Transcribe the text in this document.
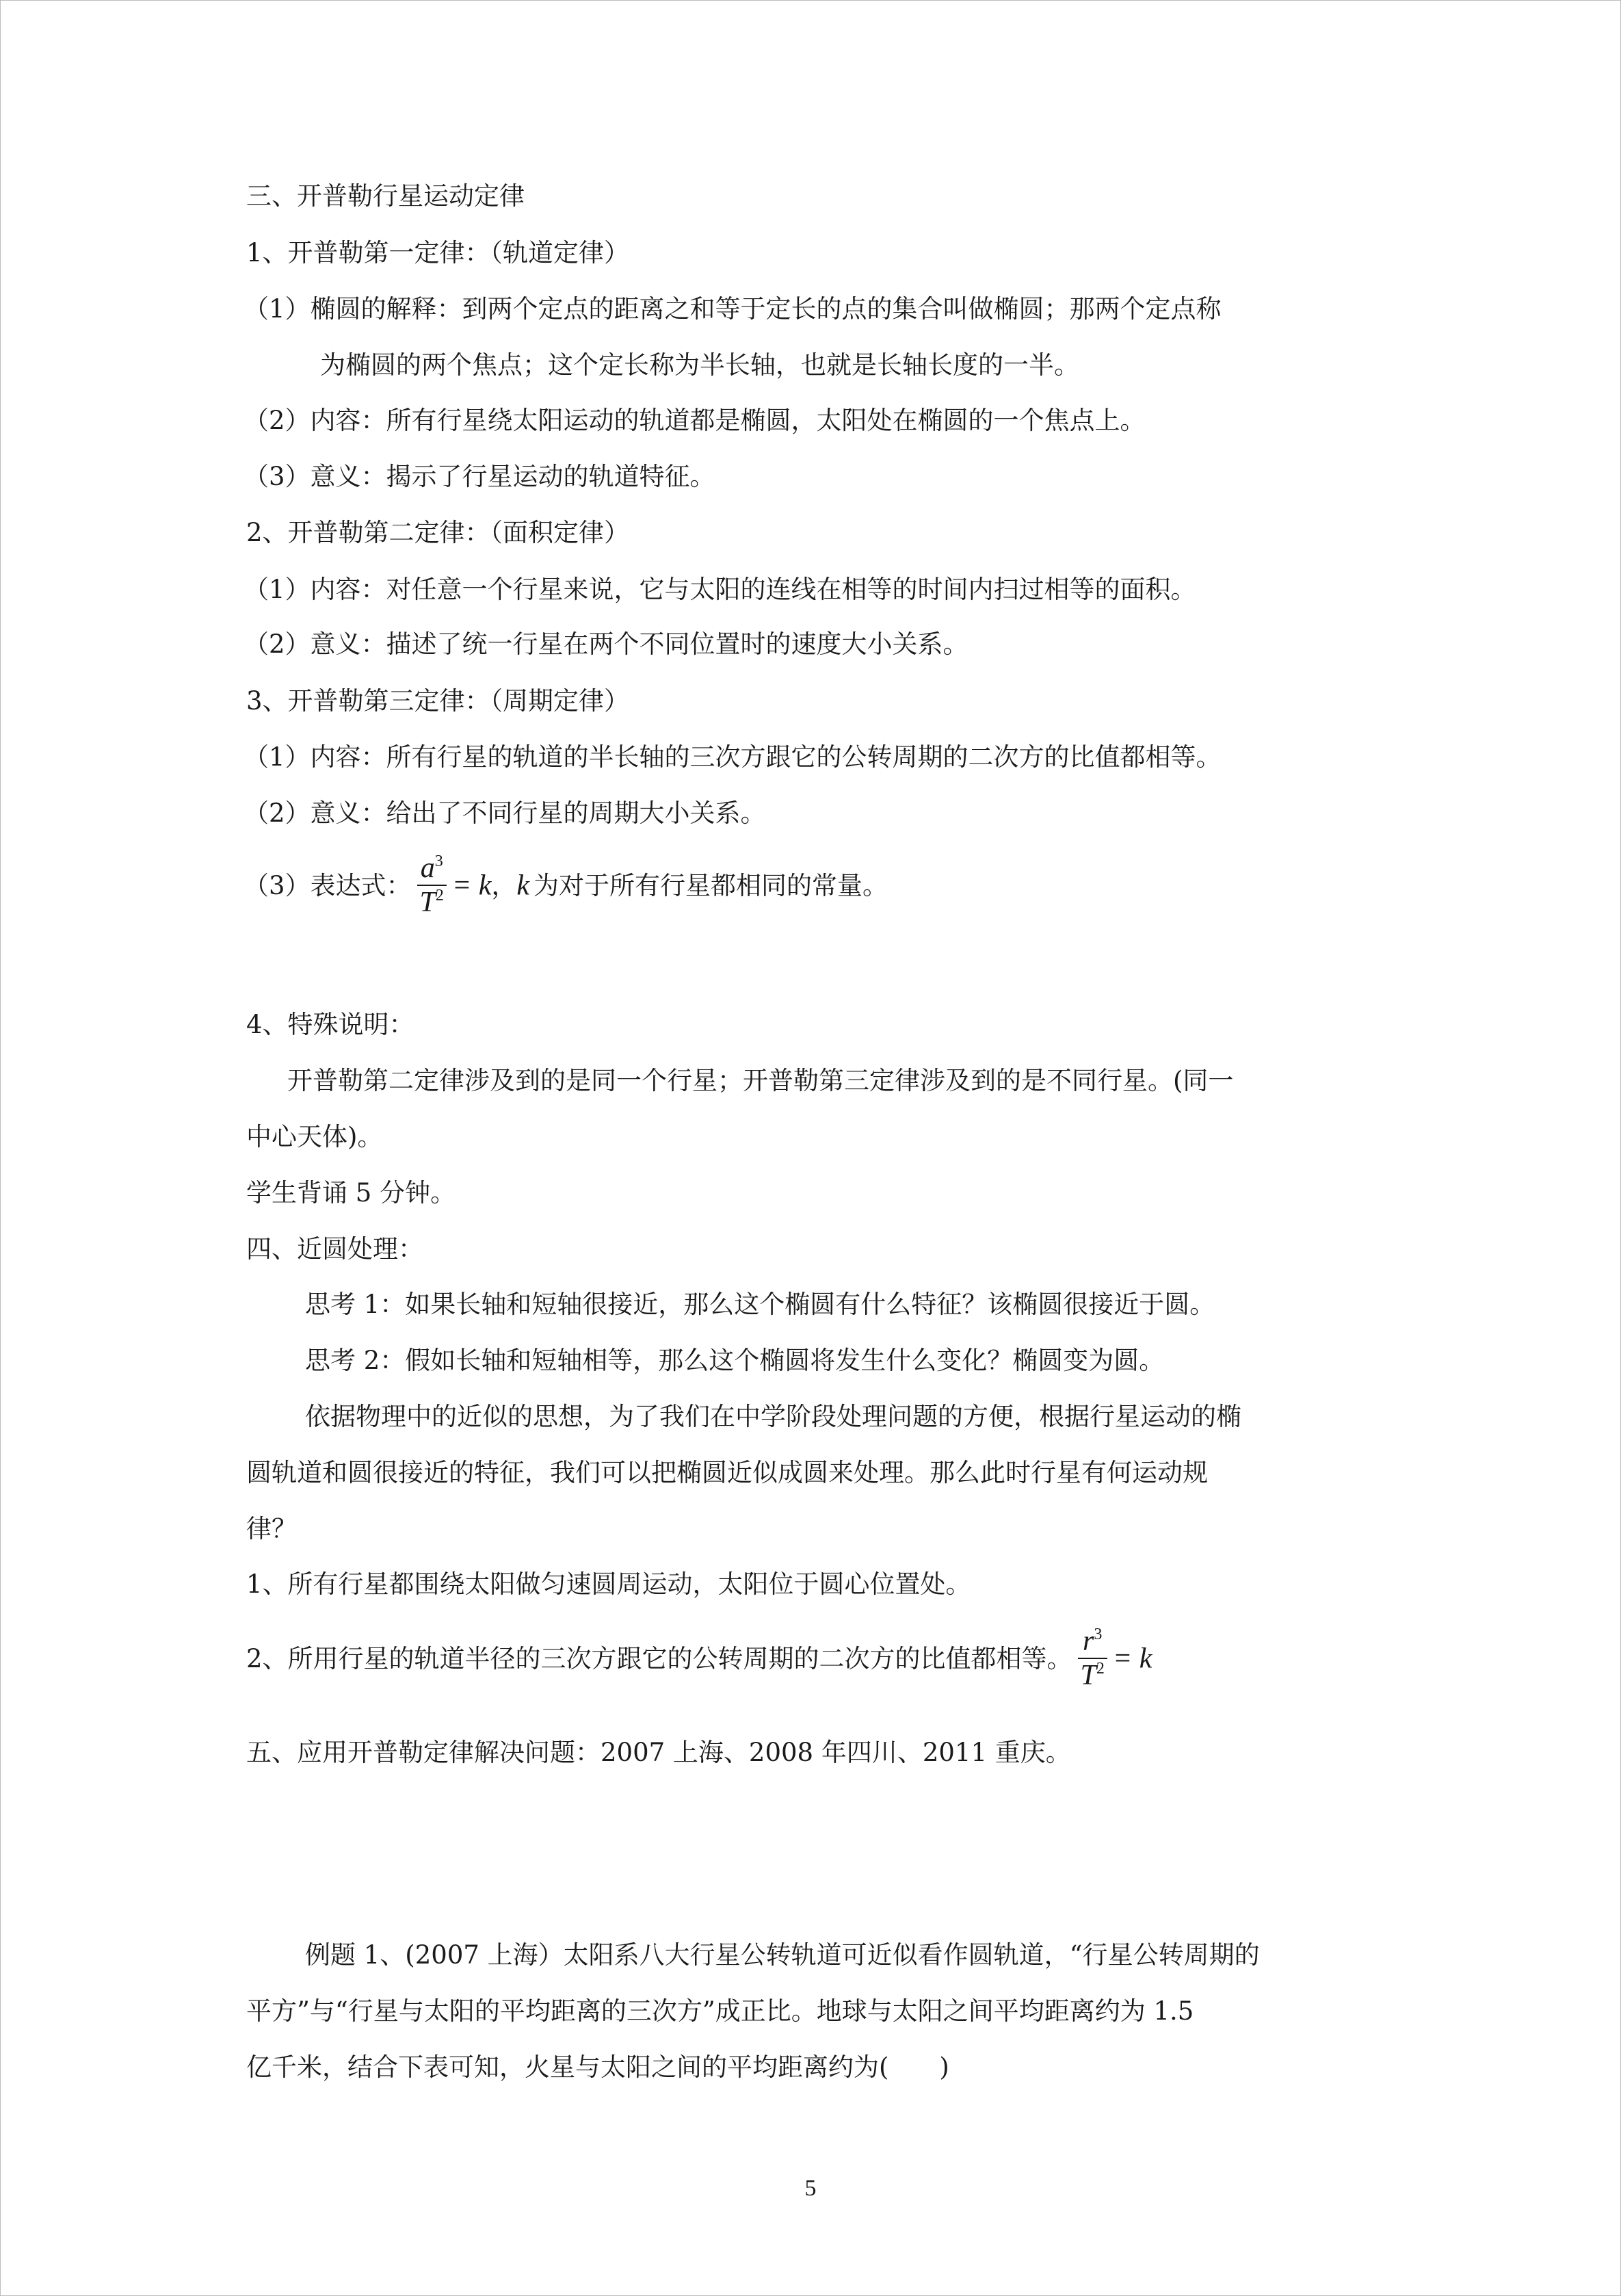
三、开普勒行星运动定律
1、开普勒第一定律：（轨道定律）
（1）椭圆的解释：到两个定点的距离之和等于定长的点的集合叫做椭圆；那两个定点称
为椭圆的两个焦点；这个定长称为半长轴，也就是长轴长度的一半。
（2）内容：所有行星绕太阳运动的轨道都是椭圆，太阳处在椭圆的一个焦点上。
（3）意义：揭示了行星运动的轨道特征。
2、开普勒第二定律：（面积定律）
（1）内容：对任意一个行星来说，它与太阳的连线在相等的时间内扫过相等的面积。
（2）意义：描述了统一行星在两个不同位置时的速度大小关系。
3、开普勒第三定律：（周期定律）
（1）内容：所有行星的轨道的半长轴的三次方跟它的公转周期的二次方的比值都相等。
（2）意义：给出了不同行星的周期大小关系。
（3）表达式： $\frac{a^3}{T^2} = k$，k 为对于所有行星都相同的常量。
4、特殊说明：
开普勒第二定律涉及到的是同一个行星；开普勒第三定律涉及到的是不同行星。(同一
中心天体)。
学生背诵 5 分钟。
四、近圆处理：
思考 1：如果长轴和短轴很接近，那么这个椭圆有什么特征？该椭圆很接近于圆。
思考 2：假如长轴和短轴相等，那么这个椭圆将发生什么变化？椭圆变为圆。
依据物理中的近似的思想，为了我们在中学阶段处理问题的方便，根据行星运动的椭
圆轨道和圆很接近的特征，我们可以把椭圆近似成圆来处理。那么此时行星有何运动规
律？
1、所有行星都围绕太阳做匀速圆周运动，太阳位于圆心位置处。
2、所用行星的轨道半径的三次方跟它的公转周期的二次方的比值都相等。 $\frac{r^3}{T^2} = k$
五、应用开普勒定律解决问题：2007 上海、2008 年四川、2011 重庆。
例题 1、(2007 上海）太阳系八大行星公转轨道可近似看作圆轨道，“行星公转周期的
平方”与“行星与太阳的平均距离的三次方”成正比。地球与太阳之间平均距离约为 1.5
亿千米，结合下表可知，火星与太阳之间的平均距离约为(　　)
5
